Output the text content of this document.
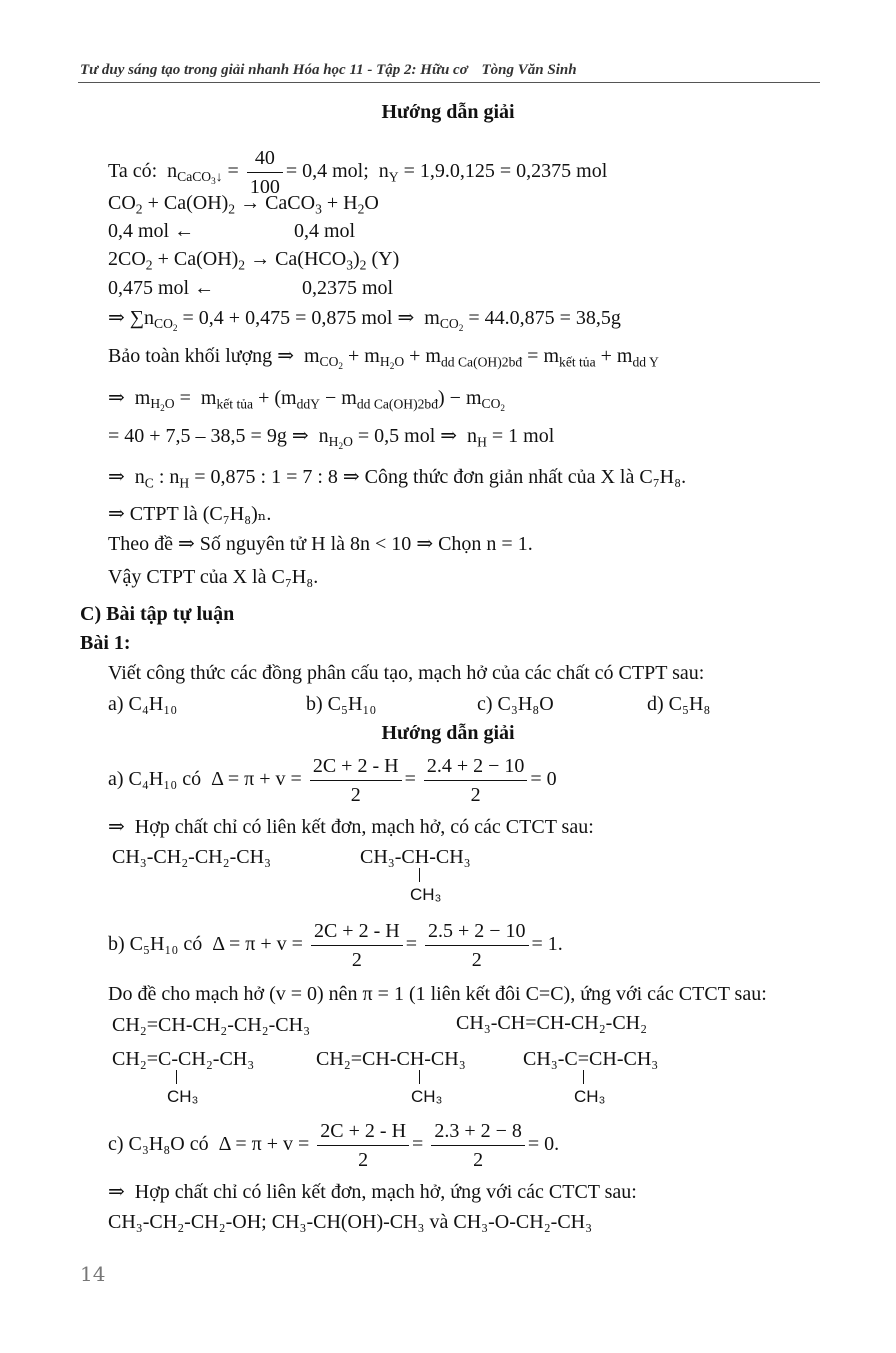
Tư duy sáng tạo trong giải nhanh Hóa học 11 - Tập 2: Hữu cơ Tòng Văn Sinh
Hướng dẫn giải
Ta có:  $n_{CaCO_3↓} = \frac{40}{100} = 0,4$ mol;  $n_Y = 1,9.0,125 = 0,2375$ mol
$CO_2 + Ca(OH)_2$ → CaCO$_3$ + $H_2O$
0,4 mol ←	0,4 mol
$2CO_2 + Ca(OH)_2 \to Ca(HCO_3)_2$ (Y)
0,475 mol ←	0,2375 mol
⇒ $\sum n_{CO_2} = 0,4 + 0,475 = 0,875$ mol ⇒  $m_{CO_2} = 44.0,875 = 38,5g$
Bảo toàn khối lượng ⇒  $m_{CO_2} + m_{H_2O} + m_{dd Ca(OH)2bđ} = m_{kết tủa} + m_{dd Y}$
⇒  $m_{H_2O} = m_{kết tủa} + (m_{ddY} - m_{dd Ca(OH)2bđ}) - m_{CO_2}$
= 40 + 7,5 – 38,5 = 9g ⇒  $n_{H_2O} = 0,5$ mol ⇒  $n_H = 1$ mol
⇒  $n_C$ : $n_H = 0,875$ : 1 = 7 : 8 ⇒ Công thức đơn giản nhất của X là C₇H₈.
⇒ CTPT là (C₇H₈)ₙ.
Theo đề ⇒ Số nguyên tử H là 8n < 10 ⇒ Chọn n = 1.
Vậy CTPT của X là C₇H₈.
C) Bài tập tự luận
Bài 1:
Viết công thức các đồng phân cấu tạo, mạch hở của các chất có CTPT sau:
a) C₄H₁₀	b) C₅H₁₀	c) C₃H₈O	d) C₅H₈
Hướng dẫn giải
a) C₄H₁₀ có  $\Delta = \pi + v = \frac{2C + 2 - H}{2} = \frac{2.4 + 2 - 10}{2} = 0$
⇒  Hợp chất chỉ có liên kết đơn, mạch hở, có các CTCT sau:
CH₃-CH₂-CH₂-CH₃	CH₃-CH-CH₃
CH₃
b) C₅H₁₀ có  $\Delta = \pi + v = \frac{2C + 2 - H}{2} = \frac{2.5 + 2 - 10}{2} = 1$.
Do đề cho mạch hở (v = 0) nên π = 1 (1 liên kết đôi C=C), ứng với các CTCT sau:
CH₂=CH-CH₂-CH₂-CH₃	CH₃-CH=CH-CH₂-CH₂
CH₂=C-CH₂-CH₃
CH₃
CH₂=CH-CH-CH₃
CH₃
CH₃-C=CH-CH₃
CH₃
c) C₃H₈O có  $\Delta = \pi + v = \frac{2C + 2 - H}{2} = \frac{2.3 + 2 - 8}{2} = 0$.
⇒  Hợp chất chỉ có liên kết đơn, mạch hở, ứng với các CTCT sau:
CH₃-CH₂-CH₂-OH; CH₃-CH(OH)-CH₃ và CH₃-O-CH₂-CH₃
14
